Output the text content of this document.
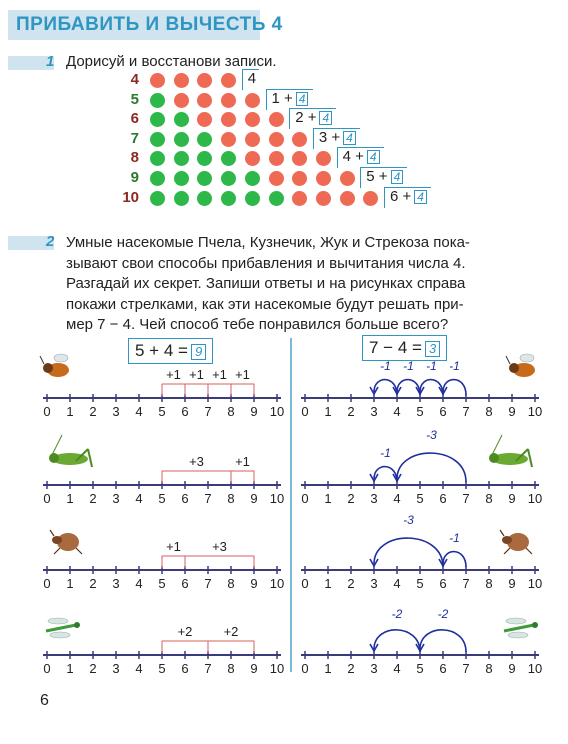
ПРИБАВИТЬ И ВЫЧЕСТЬ 4
1 Дорисуй и восстанови записи.
4	4
5	1 + 4
6	2 + 4
7	3 + 4
8	4 + 4
9	5 + 4
10	6 + 4
2 Умные насекомые Пчела, Кузнечик, Жук и Стрекоза пока-
зывают свои способы прибавления и вычитания числа 4.
Разгадай их секрет. Запиши ответы и на рисунках справа
покажи стрелками, как эти насекомые будут решать при-
мер 7 − 4. Чей способ тебе понравился больше всего?
5 + 4 = 9	7 − 4 = 3
0 1 2 3 4 5 6 7 8 9 10
+1 +1 +1 +1
0 1 2 3 4 5 6 7 8 9 10
+3 +1
0 1 2 3 4 5 6 7 8 9 10
+1 +3
0 1 2 3 4 5 6 7 8 9 10
+2 +2
0 1 2 3 4 5 6 7 8 9 10
-1
-1
-1
-1
0 1 2 3 4 5 6 7 8 9 10
-3
-1
0 1 2 3 4 5 6 7 8 9 10
-1
-3
0 1 2 3 4 5 6 7 8 9 10
-2
-2
6
